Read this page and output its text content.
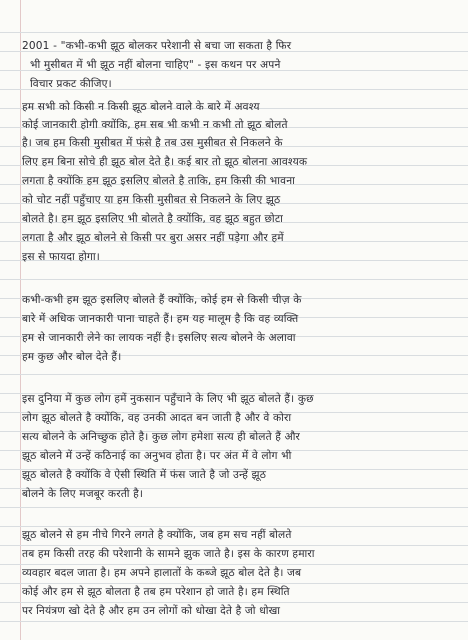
2001 - "कभी-कभी झूठ बोलकर परेशानी से बचा जा सकता है फिर

भी मुसीबत में भी झूठ नहीं बोलना चाहिए" - इस कथन पर अपने

विचार प्रकट कीजिए।

हम सभी को किसी न किसी झूठ बोलने वाले के बारे में अवश्य

कोई जानकारी होगी क्योंकि, हम सब भी कभी न कभी तो झूठ बोलते

है। जब हम किसी मुसीबत में फंसे है तब उस मुसीबत से निकलने के

लिए हम बिना सोचे ही झूठ बोल देते है। कई बार तो झूठ बोलना आवश्यक

लगता है क्योंकि हम झूठ इसलिए बोलते है ताकि, हम किसी की भावना

को चोट नहीं पहुँचाए या हम किसी मुसीबत से निकलने के लिए झूठ

बोलते है। हम झूठ इसलिए भी बोलते है क्योंकि, वह झूठ बहुत छोटा

लगता है और झूठ बोलने से किसी पर बुरा असर नहीं पड़ेगा और हमें

इस से फायदा होगा।

कभी-कभी हम झूठ इसलिए बोलते हैं क्योंकि, कोई हम से किसी चीज़ के

बारे में अधिक जानकारी पाना चाहते हैं। हम यह मालूम है कि वह व्यक्ति

हम से जानकारी लेने का लायक नहीं है। इसलिए सत्य बोलने के अलावा

हम कुछ और बोल देते हैं।

इस दुनिया में कुछ लोग हमें नुकसान पहुँचाने के लिए भी झूठ बोलते हैं। कुछ

लोग झूठ बोलते है क्योंकि, वह उनकी आदत बन जाती है और वे कोरा

सत्य बोलने के अनिच्छुक होते है। कुछ लोग हमेशा सत्य ही बोलते हैं और

झूठ बोलने में उन्हें कठिनाई का अनुभव होता है। पर अंत में वे लोग भी

झूठ बोलते है क्योंकि वे ऐसी स्थिति में फंस जाते है जो उन्हें झूठ

बोलने के लिए मजबूर करती है।

झूठ बोलने से हम नीचे गिरने लगते है क्योंकि, जब हम सच नहीं बोलते

तब हम किसी तरह की परेशानी के सामने झुक जाते है। इस के कारण हमारा

व्यवहार बदल जाता है। हम अपने हालातों के कब्जे झूठ बोल देते है। जब

कोई और हम से झूठ बोलता है तब हम परेशान हो जाते है। हम स्थिति

पर नियंत्रण खो देते है और हम उन लोगों को धोखा देते है जो धोखा
